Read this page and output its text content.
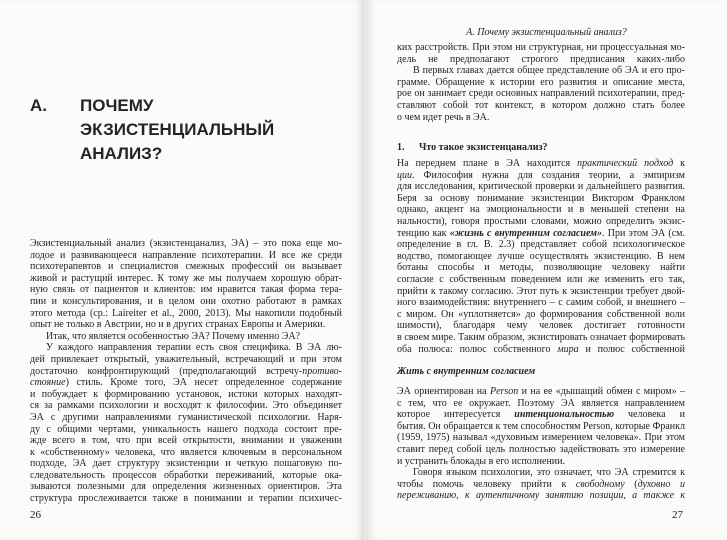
A. ПОЧЕМУ ЭКЗИСТЕНЦИАЛЬНЫЙ АНАЛИЗ?
Экзистенциальный анализ (экзистенцанализ, ЭА) – это пока еще мо-
лодое и развивающееся направление психотерапии. И все же среди
психотерапевтов и специалистов смежных профессий он вызывает
живой и растущий интерес. К тому же мы получаем хорошую обрат-
ную связь от пациентов и клиентов: им нравится такая форма тера-
пии и консультирования, и в целом они охотно работают в рамках
этого метода (ср.: Laireiter et al., 2000, 2013). Мы накопили подобный
опыт не только в Австрии, но и в других странах Европы и Америки.
Итак, что является особенностью ЭА? Почему именно ЭА?
У каждого направления терапии есть своя специфика. В ЭА лю-
дей привлекает открытый, уважительный, встречающий и при этом
достаточно конфронтирующий (предполагающий встречу-противо-
стояние) стиль. Кроме того, ЭА несет определенное содержание
и побуждает к формированию установок, истоки которых находят-
ся за рамками психологии и восходят к философии. Это объединяет
ЭА с другими направлениями гуманистической психологии. Наря-
ду с общими чертами, уникальность нашего подхода состоит пре-
жде всего в том, что при всей открытости, внимании и уважении
к «собственному» человека, что является ключевым в персональном
подходе, ЭА дает структуру экзистенции и четкую пошаговую по-
следовательность процессов обработки переживаний, которые ока-
зываются полезными для определения жизненных ориентиров. Эта
структура прослеживается также в понимании и терапии психичес-
26
А. Почему экзистенциальный анализ?
ких расстройств. При этом ни структурная, ни процессуальная мо-
дель не предполагают строгого предписания каких-либо
В первых главах дается общее представление об ЭА и его про-
грамме. Обращение к истории его развития и описание места,
рое он занимает среди основных направлений психотерапии, пред-
ставляют собой тот контекст, в котором должно стать более
о чем идет речь в ЭА.
1. Что такое экзистенцанализ?
На переднем плане в ЭА находится практический подход к
ции. Философия нужна для создания теории, а эмпиризм
для исследования, критической проверки и дальнейшего развития.
Беря за основу понимание экзистенции Виктором Франклом
однако, акцент на эмоциональности и в меньшей степени на
нальности), говоря простыми словами, можно определить экзис-
тенцию как «жизнь с внутренним согласием». При этом ЭА (см.
определение в гл. В. 2.3) представляет собой психологическое
водство, помогающее лучше осуществлять экзистенцию. В нем
ботаны способы и методы, позволяющие человеку найти
согласие с собственным поведением или же изменить его так,
прийти к такому согласию. Этот путь к экзистенции требует двой-
ного взаимодействия: внутреннего – с самим собой, и внешнего –
с миром. Он «уплотняется» до формирования собственной воли
шимости), благодаря чему человек достигает готовности
в своем мире. Таким образом, экзистировать означает формировать
оба полюса: полюс собственного мира и полюс собственной
Жить с внутренним согласием
ЭА ориентирован на Person и на ее «дышащий обмен с миром» –
с тем, что ее окружает. Поэтому ЭА является направлением
которое интересуется интенциональностью человека и
бытия. Он обращается к тем способностям Person, которые Франкл
(1959, 1975) называл «духовным измерением человека». При этом
ставит перед собой цель полностью задействовать это измерение
и устранить блокады в его исполнении.
Говоря языком психологии, это означает, что ЭА стремится к
чтобы помочь человеку прийти к свободному (духовно и
переживанию, к аутентичному занятию позиции, а также к
27
